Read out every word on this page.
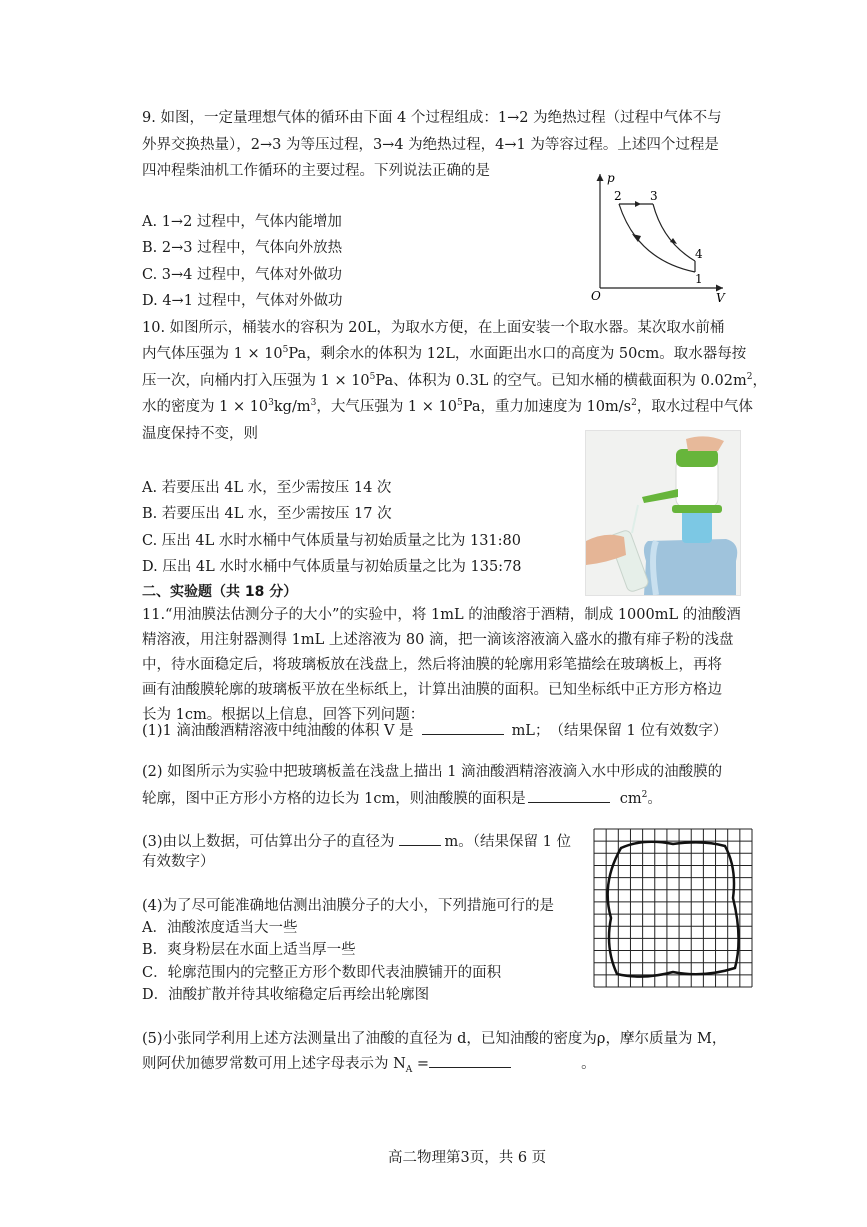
9. 如图，一定量理想气体的循环由下面 4 个过程组成：1→2 为绝热过程（过程中气体不与
外界交换热量），2→3 为等压过程，3→4 为绝热过程，4→1 为等容过程。上述四个过程是
四冲程柴油机工作循环的主要过程。下列说法正确的是
A. 1→2 过程中，气体内能增加
B. 2→3 过程中，气体向外放热
C. 3→4 过程中，气体对外做功
D. 4→1 过程中，气体对外做功
p
V
O
2 3
4
1
10. 如图所示，桶装水的容积为 20L，为取水方便，在上面安装一个取水器。某次取水前桶
内气体压强为 $1 \times 10^5Pa$，剩余水的体积为 12L，水面距出水口的高度为 50cm。取水器每按
压一次，向桶内打入压强为 $1 \times 10^5Pa$、体积为 0.3L 的空气。已知水桶的横截面积为 $0.02m^2$，
水的密度为 $1 \times 10^3kg/m^3$，大气压强为 $1 \times 10^5Pa$，重力加速度为 $10m/s^2$，取水过程中气体
温度保持不变，则
A. 若要压出 4L 水，至少需按压 14 次
B. 若要压出 4L 水，至少需按压 17 次
C. 压出 4L 水时水桶中气体质量与初始质量之比为 131:80
D. 压出 4L 水时水桶中气体质量与初始质量之比为 135:78
二、实验题（共 18 分）
11.“用油膜法估测分子的大小”的实验中，将 1mL 的油酸溶于酒精，制成 1000mL 的油酸酒
精溶液，用注射器测得 1mL 上述溶液为 80 滴，把一滴该溶液滴入盛水的撒有痱子粉的浅盘
中，待水面稳定后，将玻璃板放在浅盘上，然后将油膜的轮廓用彩笔描绘在玻璃板上，再将
画有油酸膜轮廓的玻璃板平放在坐标纸上，计算出油膜的面积。已知坐标纸中正方形方格边
长为 1cm。根据以上信息，回答下列问题：
(1)1 滴油酸酒精溶液中纯油酸的体积 V 是	mL；　（结果保留 1 位有效数字）
(2) 如图所示为实验中把玻璃板盖在浅盘上描出 1 滴油酸酒精溶液滴入水中形成的油酸膜的
轮廓，图中正方形小方格的边长为 1cm，则油酸膜的面积是	$cm^2$。
(3)由以上数据，可估算出分子的直径为	m。（结果保留 1 位
有效数字）
(4)为了尽可能准确地估测出油膜分子的大小，下列措施可行的是
A．油酸浓度适当大一些
B．爽身粉层在水面上适当厚一些
C．轮廓范围内的完整正方形个数即代表油膜铺开的面积
D．油酸扩散并待其收缩稳定后再绘出轮廓图
(5)小张同学利用上述方法测量出了油酸的直径为 d，已知油酸的密度为ρ，摩尔质量为 M，
则阿伏加德罗常数可用上述字母表示为 $N_A$ =	。
高二物理第3页，共 6 页
